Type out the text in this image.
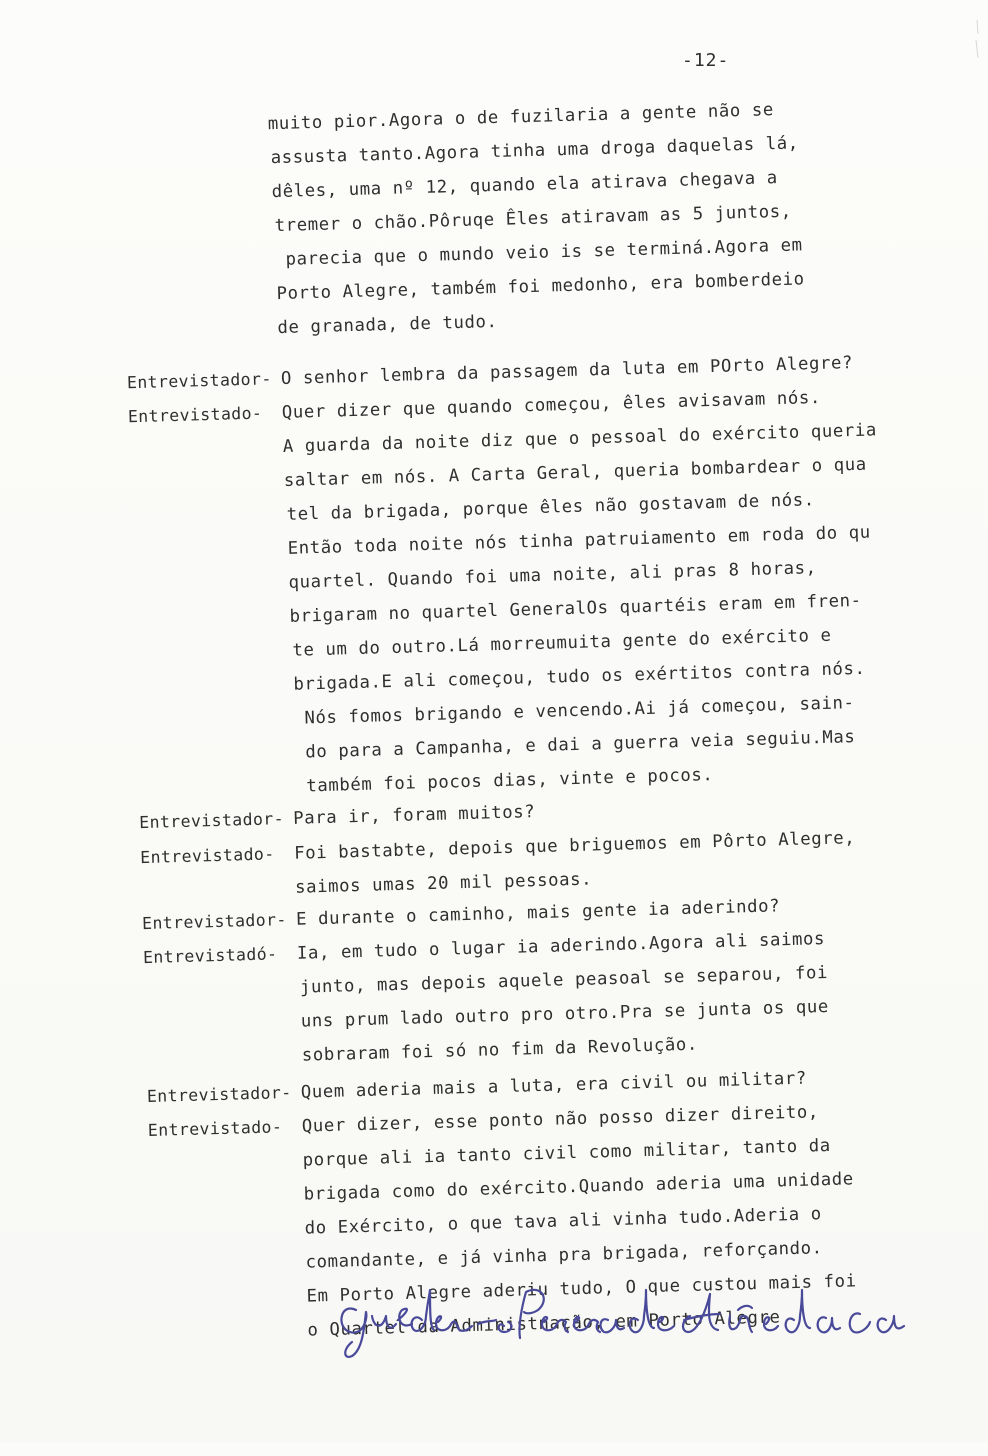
-12-
Entrevistador-
Entrevistado-
Entrevistador-
Entrevistado-
Entrevistador-
Entrevistadó-
Entrevistador-
Entrevistado-
muito pior.Agora o de fuzilaria a gente não se
assusta tanto.Agora tinha uma droga daquelas lá,
dêles, uma nº 12, quando ela atirava chegava a
tremer o chão.Pôruqe Êles atiravam as 5 juntos,
parecia que o mundo veio is se terminá.Agora em
Porto Alegre, também foi medonho, era bomberdeio
de granada, de tudo.
O senhor lembra da passagem da luta em POrto Alegre?
Quer dizer que quando começou, êles avisavam nós.
A guarda da noite diz que o pessoal do exército queria
saltar em nós. A Carta Geral, queria bombardear o qua
tel da brigada, porque êles não gostavam de nós.
Então toda noite nós tinha patruiamento em roda do qu
quartel. Quando foi uma noite, ali pras 8 horas,
brigaram no quartel GeneralOs quartéis eram em fren-
te um do outro.Lá morreumuita gente do exército e
brigada.E ali começou, tudo os exértitos contra nós.
Nós fomos brigando e vencendo.Ai já começou, sain-
do para a Campanha, e dai a guerra veia seguiu.Mas
também foi pocos dias, vinte e pocos.
Para ir, foram muitos?
Foi bastabte, depois que briguemos em Pôrto Alegre,
saimos umas 20 mil pessoas.
E durante o caminho, mais gente ia aderindo?
Ia, em tudo o lugar ia aderindo.Agora ali saimos
junto, mas depois aquele peasoal se separou, foi
uns prum lado outro pro otro.Pra se junta os que
sobraram foi só no fim da Revolução.
Quem aderia mais a luta, era civil ou militar?
Quer dizer, esse ponto não posso dizer direito,
porque ali ia tanto civil como militar, tanto da
brigada como do exército.Quando aderia uma unidade
do Exército, o que tava ali vinha tudo.Aderia o
comandante, e já vinha pra brigada, reforçando.
Em Porto Alegre aderiu tudo, O que custou mais foi
o Quartel da Administnação, em Porto Alegre
